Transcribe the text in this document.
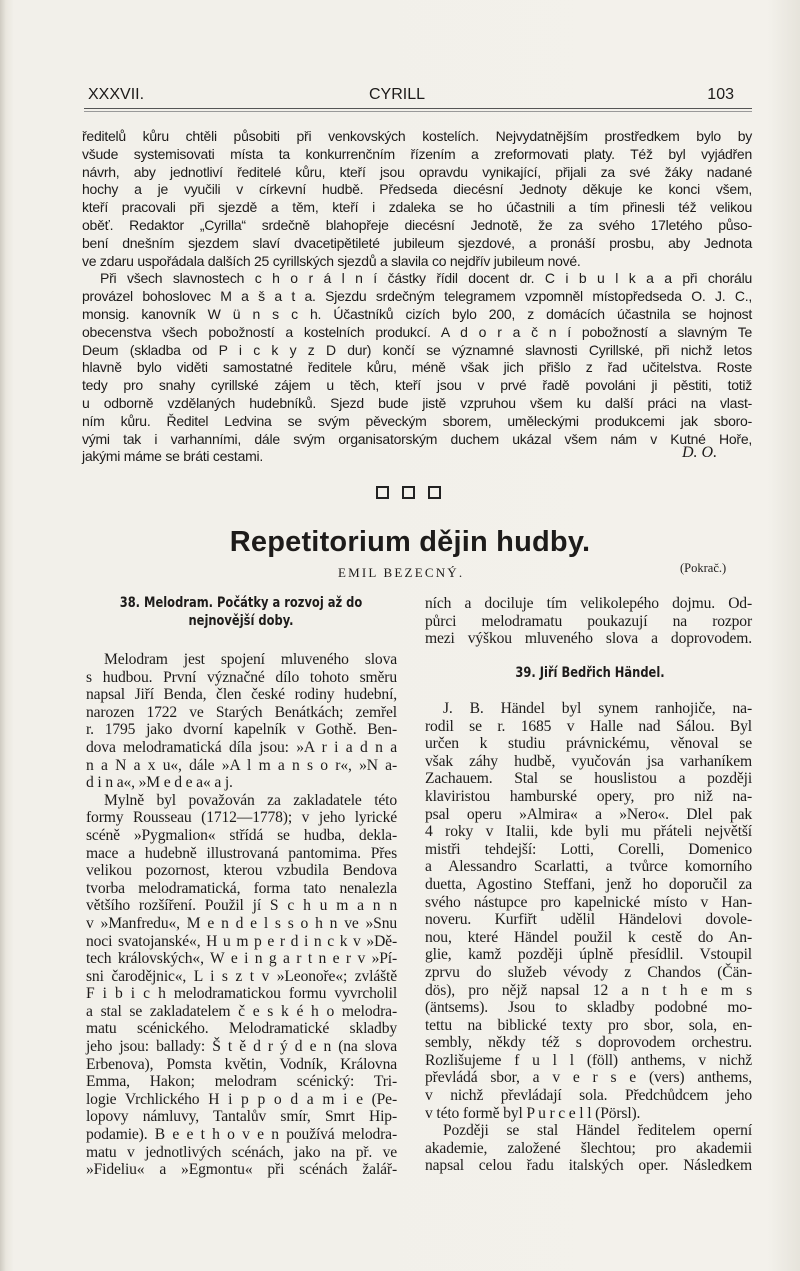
XXXVII.	CYRILL	103
ředitelů kůru chtěli působiti při venkovských kostelích. Nejvydatnějším prostředkem bylo by
všude systemisovati místa ta konkurrenčním řízením a zreformovati platy. Též byl vyjádřen
návrh, aby jednotliví ředitelé kůru, kteří jsou opravdu vynikající, přijali za své žáky nadané
hochy a je vyučili v církevní hudbě. Předseda diecésní Jednoty děkuje ke konci všem,
kteří pracovali při sjezdě a těm, kteří i zdaleka se ho účastnili a tím přinesli též velikou
oběť. Redaktor „Cyrilla“ srdečně blahopřeje diecésní Jednotě, že za svého 17letého půso-
bení dnešním sjezdem slaví dvacetipětileté jubileum sjezdové, a pronáší prosbu, aby Jednota
ve zdaru uspořádala dalších 25 cyrillských sjezdů a slavila co nejdřív jubileum nové.
Při všech slavnostech c h o r á l n í částky řídil docent dr. C i b u l k a a při chorálu
provázel bohoslovec M a š a t a. Sjezdu srdečným telegramem vzpomněl místopředseda O. J. C.,
monsig. kanovník W ü n s c h. Účastníků cizích bylo 200, z domácích účastnila se hojnost
obecenstva všech pobožností a kostelních produkcí. A d o r a č n í pobožností a slavným Te
Deum (skladba od P i c k y z D dur) končí se významné slavnosti Cyrillské, při nichž letos
hlavně bylo viděti samostatné ředitele kůru, méně však jich přišlo z řad učitelstva. Roste
tedy pro snahy cyrillské zájem u těch, kteří jsou v prvé řadě povoláni ji pěstiti, totiž
u odborně vzdělaných hudebníků. Sjezd bude jistě vzpruhou všem ku další práci na vlast-
ním kůru. Ředitel Ledvina se svým pěveckým sborem, uměleckými produkcemi jak sboro-
vými tak i varhanními, dále svým organisatorským duchem ukázal všem nám v Kutné Hoře,
jakými máme se bráti cestami.	D. O.
Repetitorium dějin hudby.
EMIL BEZECNÝ.	(Pokrač.)
38. Melodram. Počátky a rozvoj až do
nejnovější doby.
Melodram jest spojení mluveného slova
s hudbou. První význačné dílo tohoto směru
napsal Jiří Benda, člen české rodiny hudební,
narozen 1722 ve Starých Benátkách; zemřel
r. 1795 jako dvorní kapelník v Gothě. Ben-
dova melodramatická díla jsou: »A r i a d n a
n a N a x u«, dále »A l m a n s o r«, »N a-
d i n a«, »M e d e a« a j.
Mylně byl považován za zakladatele této
formy Rousseau (1712—1778); v jeho lyrické
scéně »Pygmalion« střídá se hudba, dekla-
mace a hudebně illustrovaná pantomima. Přes
velikou pozornost, kterou vzbudila Bendova
tvorba melodramatická, forma tato nenalezla
většího rozšíření. Použil jí S c h u m a n n
v »Manfredu«, M e n d e l s s o h n ve »Snu
noci svatojanské«, H u m p e r d i n c k v »Dě-
tech královských«, W e i n g a r t n e r v »Pí-
sni čarodějnic«, L i s z t v »Leonoře«; zvláště
F i b i c h melodramatickou formu vyvrcholil
a stal se zakladatelem č e s k é h o melodra-
matu scénického. Melodramatické skladby
jeho jsou: ballady: Š t ě d r ý d e n (na slova
Erbenova), Pomsta květin, Vodník, Královna
Emma, Hakon; melodram scénický: Tri-
logie Vrchlického H i p p o d a m i e (Pe-
lopovy námluvy, Tantalův smír, Smrt Hip-
podamie). B e e t h o v e n používá melodra-
matu v jednotlivých scénách, jako na př. ve
»Fideliu« a »Egmontu« při scénách žalář-
ních a dociluje tím velikolepého dojmu. Od-
půrci melodramatu poukazují na rozpor
mezi výškou mluveného slova a doprovodem.
39. Jiří Bedřich Händel.
J. B. Händel byl synem ranhojiče, na-
rodil se r. 1685 v Halle nad Sálou. Byl
určen k studiu právnickému, věnoval se
však záhy hudbě, vyučován jsa varhaníkem
Zachauem. Stal se houslistou a později
klaviristou hamburské opery, pro niž na-
psal operu »Almira« a »Nero«. Dlel pak
4 roky v Italii, kde byli mu přáteli největší
mistři tehdejší: Lotti, Corelli, Domenico
a Alessandro Scarlatti, a tvůrce komorního
duetta, Agostino Steffani, jenž ho doporučil za
svého nástupce pro kapelnické místo v Han-
noveru. Kurfiřt udělil Händelovi dovole-
nou, které Händel použil k cestě do An-
glie, kamž později úplně přesídlil. Vstoupil
zprvu do služeb vévody z Chandos (Čän-
dös), pro nějž napsal 12 a n t h e m s
(äntsems). Jsou to skladby podobné mo-
tettu na biblické texty pro sbor, sola, en-
sembly, někdy též s doprovodem orchestru.
Rozlišujeme f u l l (föll) anthems, v nichž
převládá sbor, a v e r s e (vers) anthems,
v nichž převládají sola. Předchůdcem jeho
v této formě byl P u r c e l l (Pörsl).
Později se stal Händel ředitelem operní
akademie, založené šlechtou; pro akademii
napsal celou řadu italských oper. Následkem
